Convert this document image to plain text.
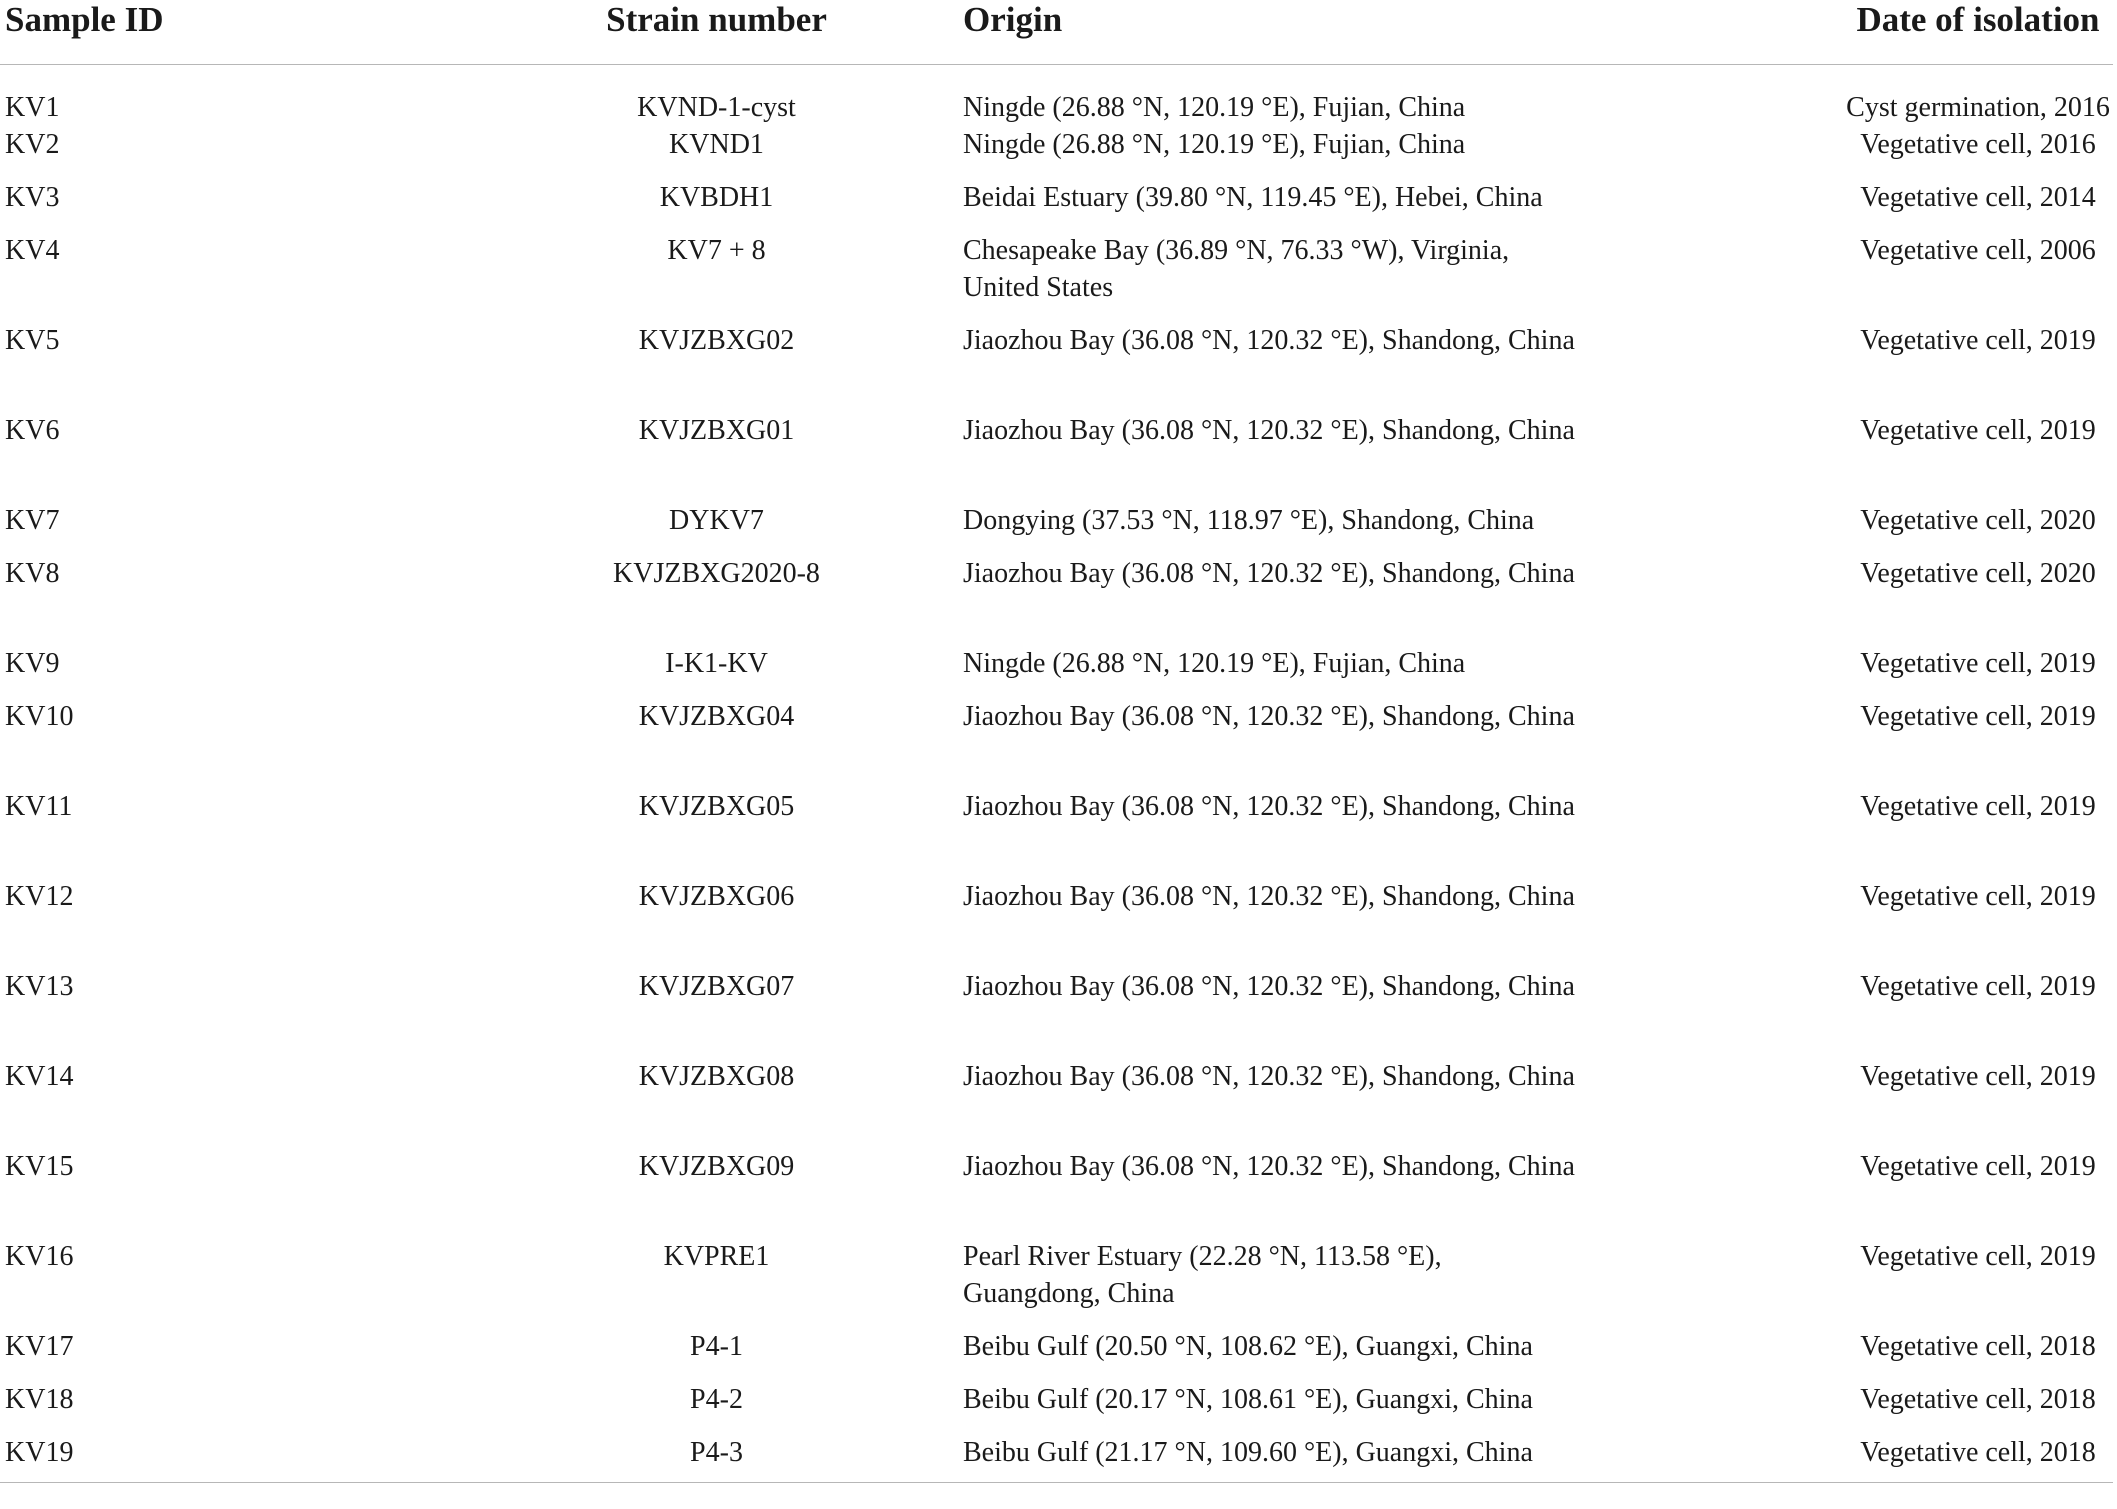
Sample ID	Strain number	Origin	Date of isolation
KV1	KVND-1-cyst	Ningde (26.88 °N, 120.19 °E), Fujian, China	Cyst germination, 2016
KV2	KVND1	Ningde (26.88 °N, 120.19 °E), Fujian, China	Vegetative cell, 2016
KV3	KVBDH1	Beidai Estuary (39.80 °N, 119.45 °E), Hebei, China	Vegetative cell, 2014
KV4	KV7 + 8	Chesapeake Bay (36.89 °N, 76.33 °W), Virginia, United States	Vegetative cell, 2006
KV5	KVJZBXG02	Jiaozhou Bay (36.08 °N, 120.32 °E), Shandong, China	Vegetative cell, 2019
KV6	KVJZBXG01	Jiaozhou Bay (36.08 °N, 120.32 °E), Shandong, China	Vegetative cell, 2019
KV7	DYKV7	Dongying (37.53 °N, 118.97 °E), Shandong, China	Vegetative cell, 2020
KV8	KVJZBXG2020-8	Jiaozhou Bay (36.08 °N, 120.32 °E), Shandong, China	Vegetative cell, 2020
KV9	I-K1-KV	Ningde (26.88 °N, 120.19 °E), Fujian, China	Vegetative cell, 2019
KV10	KVJZBXG04	Jiaozhou Bay (36.08 °N, 120.32 °E), Shandong, China	Vegetative cell, 2019
KV11	KVJZBXG05	Jiaozhou Bay (36.08 °N, 120.32 °E), Shandong, China	Vegetative cell, 2019
KV12	KVJZBXG06	Jiaozhou Bay (36.08 °N, 120.32 °E), Shandong, China	Vegetative cell, 2019
KV13	KVJZBXG07	Jiaozhou Bay (36.08 °N, 120.32 °E), Shandong, China	Vegetative cell, 2019
KV14	KVJZBXG08	Jiaozhou Bay (36.08 °N, 120.32 °E), Shandong, China	Vegetative cell, 2019
KV15	KVJZBXG09	Jiaozhou Bay (36.08 °N, 120.32 °E), Shandong, China	Vegetative cell, 2019
KV16	KVPRE1	Pearl River Estuary (22.28 °N, 113.58 °E), Guangdong, China	Vegetative cell, 2019
KV17	P4-1	Beibu Gulf (20.50 °N, 108.62 °E), Guangxi, China	Vegetative cell, 2018
KV18	P4-2	Beibu Gulf (20.17 °N, 108.61 °E), Guangxi, China	Vegetative cell, 2018
KV19	P4-3	Beibu Gulf (21.17 °N, 109.60 °E), Guangxi, China	Vegetative cell, 2018
